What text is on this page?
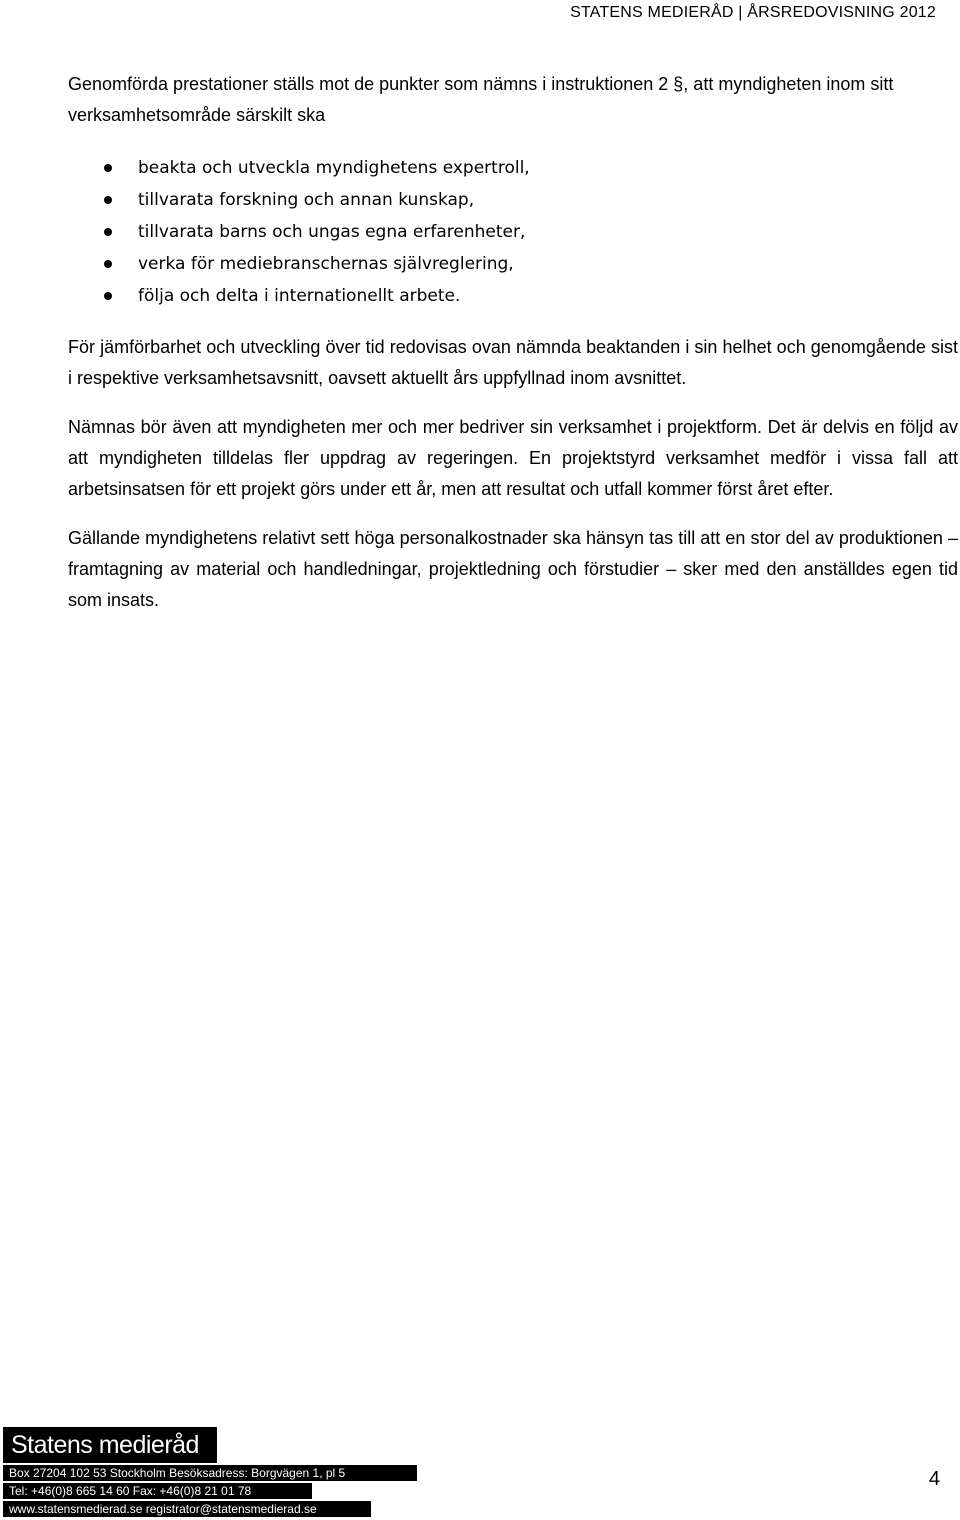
STATENS MEDIERÅD | ÅRSREDOVISNING 2012

Genomförda prestationer ställs mot de punkter som nämns i instruktionen 2 §, att myndigheten inom sitt verksamhetsområde särskilt ska

beakta och utveckla myndighetens expertroll,
tillvarata forskning och annan kunskap,
tillvarata barns och ungas egna erfarenheter,
verka för mediebranschernas självreglering,
följa och delta i internationellt arbete.

För jämförbarhet och utveckling över tid redovisas ovan nämnda beaktanden i sin helhet och genomgående sist i respektive verksamhetsavsnitt, oavsett aktuellt års uppfyllnad inom avsnittet.

Nämnas bör även att myndigheten mer och mer bedriver sin verksamhet i projektform. Det är delvis en följd av att myndigheten tilldelas fler uppdrag av regeringen. En projektstyrd verksamhet medför i vissa fall att arbetsinsatsen för ett projekt görs under ett år, men att resultat och utfall kommer först året efter.

Gällande myndighetens relativt sett höga personalkostnader ska hänsyn tas till att en stor del av produktionen – framtagning av material och handledningar, projektledning och förstudier – sker med den anställdes egen tid som insats.

Statens medieråd
Box 27204 102 53 Stockholm Besöksadress: Borgvägen 1, pl 5
Tel: +46(0)8 665 14 60 Fax: +46(0)8 21 01 78
www.statensmedierad.se registrator@statensmedierad.se
4
